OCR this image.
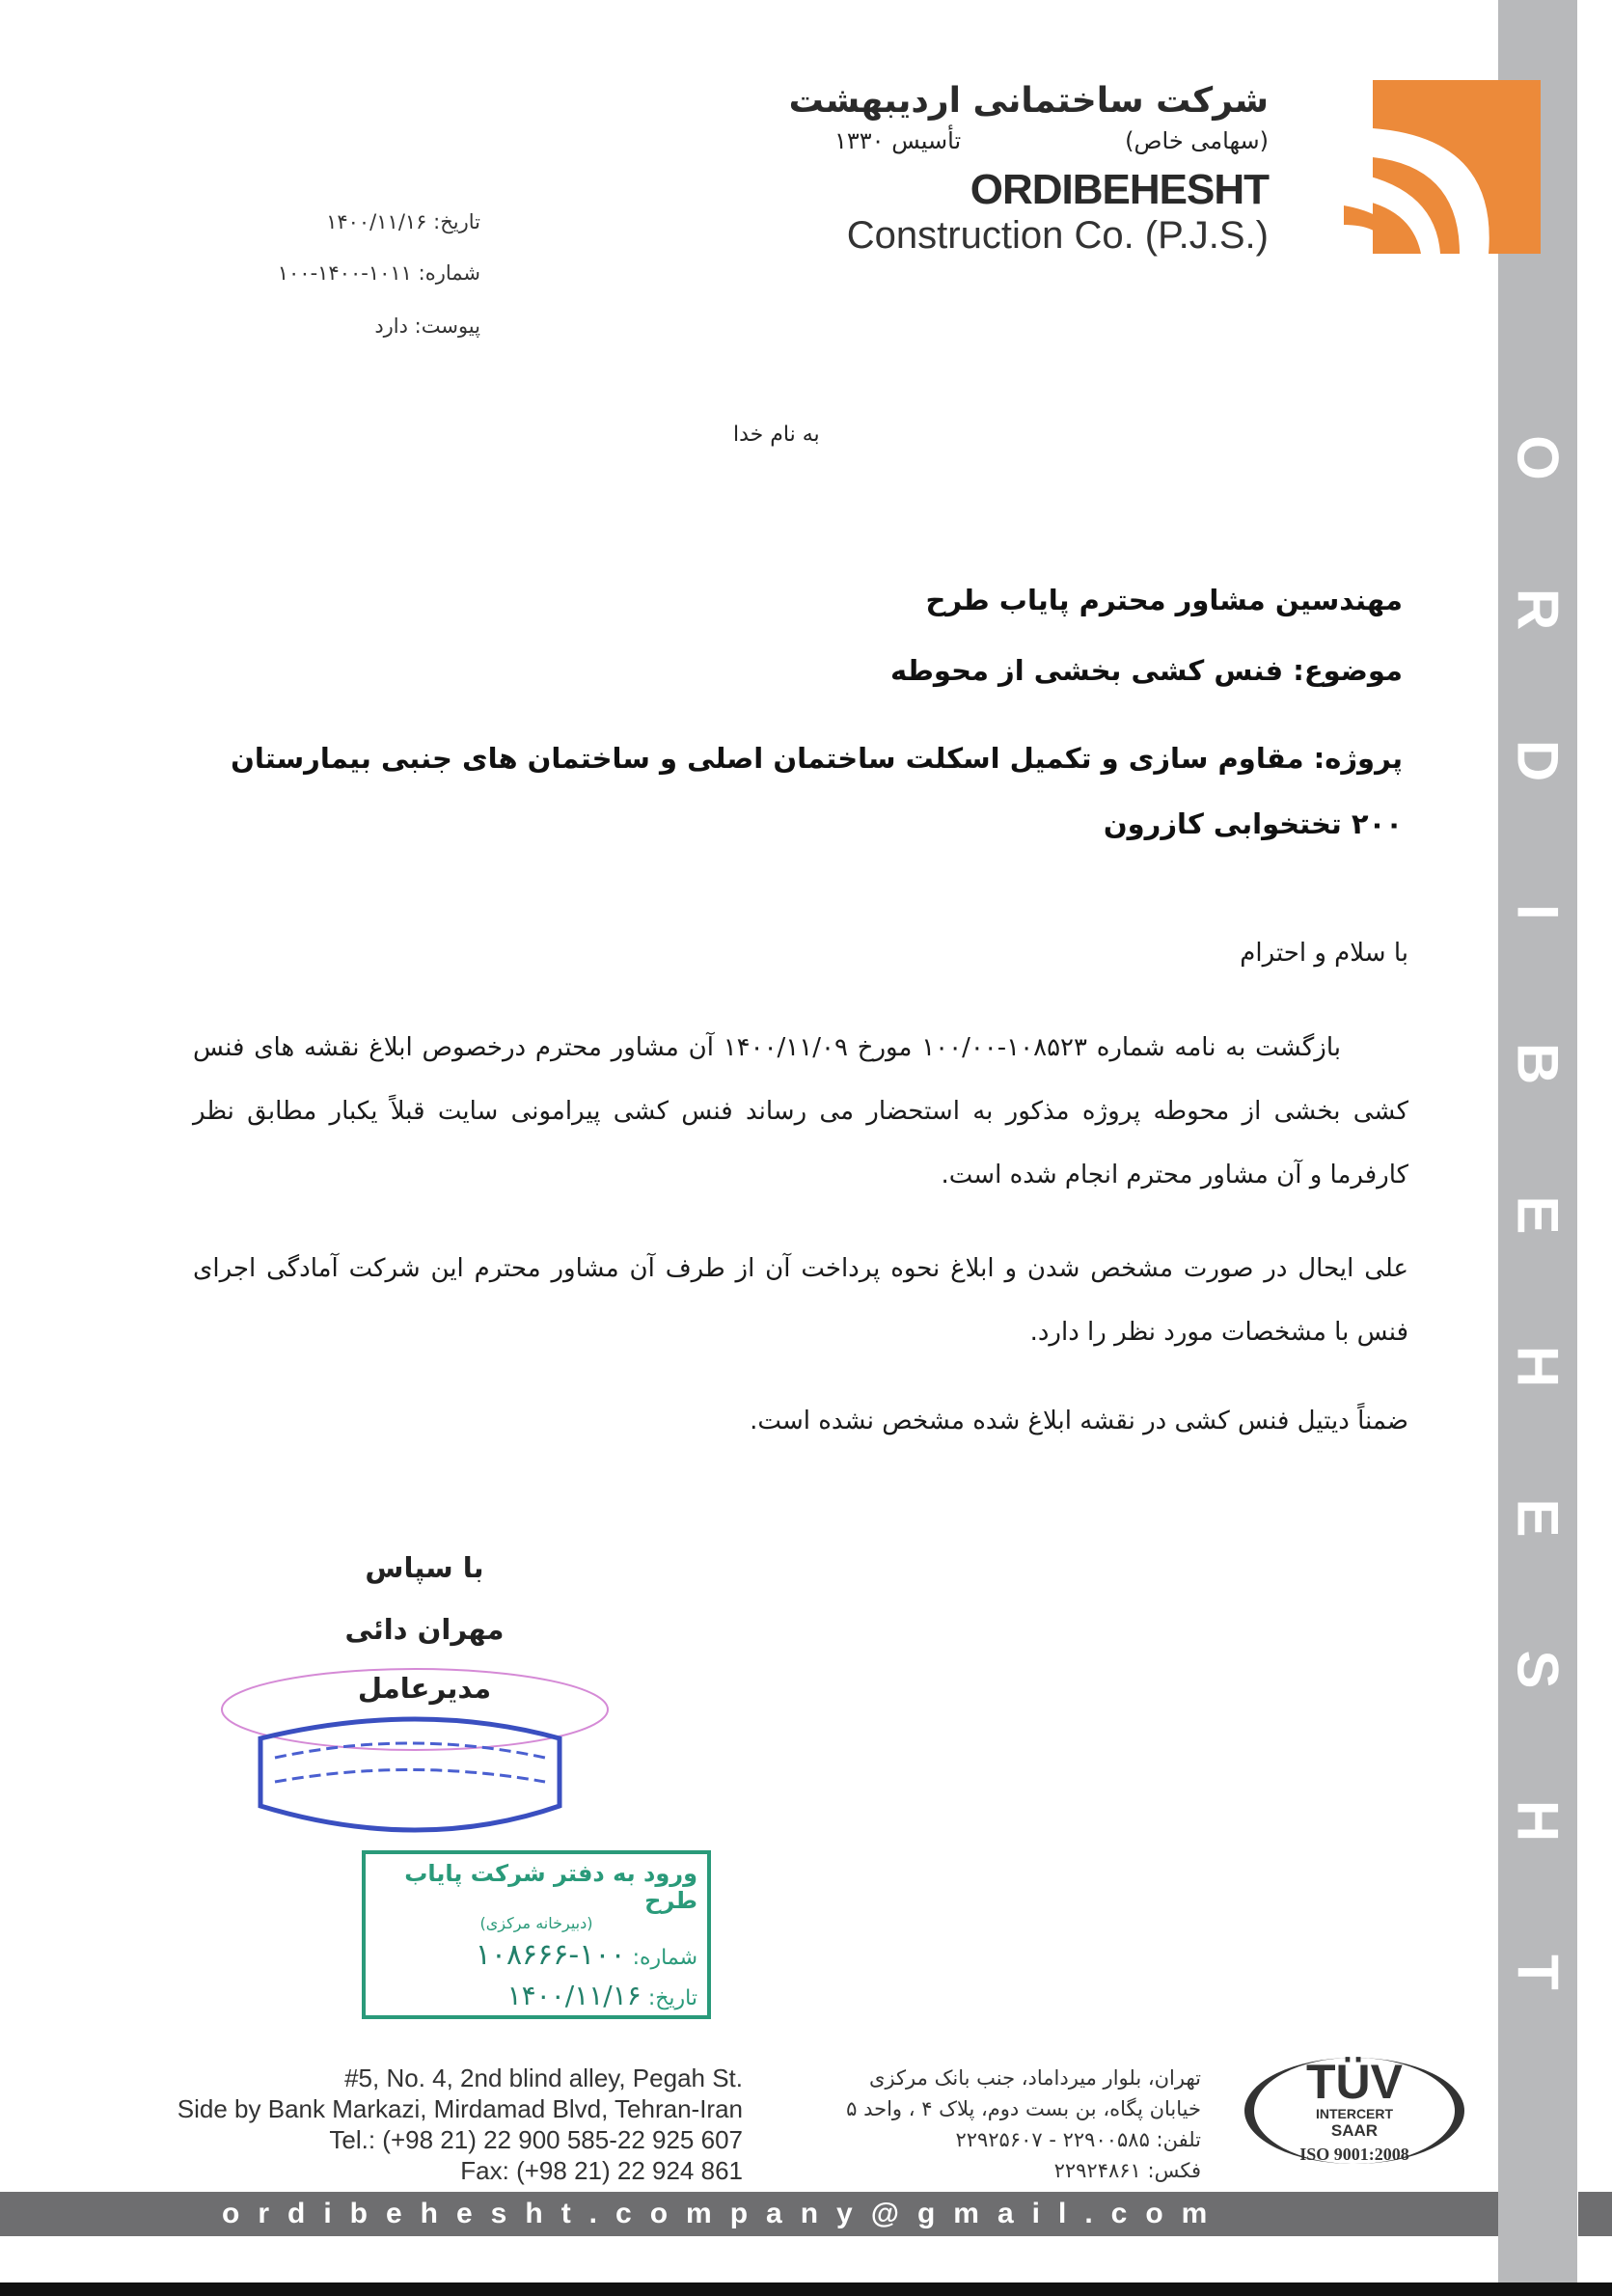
O
R
D
I
B
E
H
E
S
H
T
شرکت ساختمانی اردیبهشت
(سهامی خاص)
تأسیس ۱۳۳۰
ORDIBEHESHT
Construction Co. (P.J.S.)
تاریخ: ۱۴۰۰/۱۱/۱۶
شماره: ۱۰۱۱-۱۴۰۰-۱۰۰
پیوست: دارد
به نام خدا
مهندسین مشاور محترم پایاب طرح
موضوع: فنس کشی بخشی از محوطه
پروژه: مقاوم سازی و تکمیل اسکلت ساختمان اصلی و ساختمان های جنبی بیمارستان ۲۰۰ تختخوابی کازرون
با سلام و احترام
بازگشت به نامه شماره ۱۰۸۵۲۳-۱۰۰/۰۰ مورخ ۱۴۰۰/۱۱/۰۹ آن مشاور محترم درخصوص ابلاغ نقشه های فنس کشی بخشی از محوطه پروژه مذکور به استحضار می رساند فنس کشی پیرامونی سایت قبلاً یکبار مطابق نظر کارفرما و آن مشاور محترم انجام شده است.
علی ایحال در صورت مشخص شدن و ابلاغ نحوه پرداخت آن از طرف آن مشاور محترم این شرکت آمادگی اجرای فنس با مشخصات مورد نظر را دارد.
ضمناً دیتیل فنس کشی در نقشه ابلاغ شده مشخص نشده است.
با سپاس
مهران دائی
مدیرعامل
ورود به دفتر شرکت پایاب طرح
(دبیرخانه مرکزی)
شماره: ۱۰۰-۱۰۸۶۶۶
تاریخ: ۱۴۰۰/۱۱/۱۶
#5, No. 4, 2nd blind alley, Pegah St.
Side by Bank Markazi, Mirdamad Blvd, Tehran-Iran
Tel.: (+98 21) 22 900 585-22 925 607
Fax: (+98 21) 22 924 861
تهران، بلوار میرداماد، جنب بانک مرکزی
خیابان پگاه، بن بست دوم، پلاک ۴ ، واحد ۵
تلفن: ۲۲۹۰۰۵۸۵ - ۲۲۹۲۵۶۰۷
فکس: ۲۲۹۲۴۸۶۱
TÜV
INTERCERT
SAAR
ISO 9001:2008
ordibehesht.company@gmail.com
